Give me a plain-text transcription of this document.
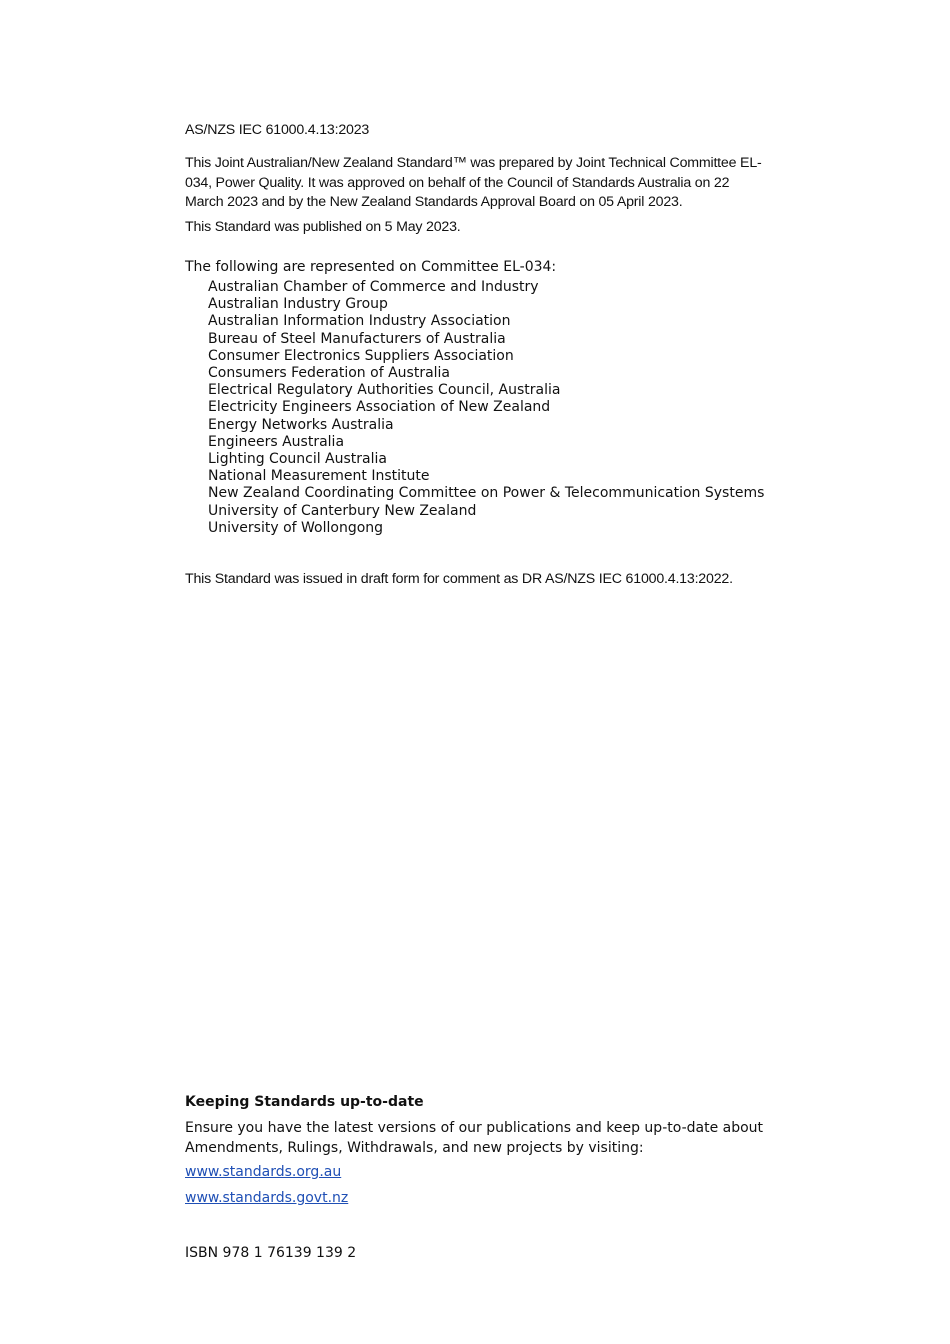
AS/NZS IEC 61000.4.13:2023

This Joint Australian/New Zealand Standard™ was prepared by Joint Technical Committee EL-034, Power Quality. It was approved on behalf of the Council of Standards Australia on 22 March 2023 and by the New Zealand Standards Approval Board on 05 April 2023.

This Standard was published on 5 May 2023.

The following are represented on Committee EL-034:

Australian Chamber of Commerce and Industry
Australian Industry Group
Australian Information Industry Association
Bureau of Steel Manufacturers of Australia
Consumer Electronics Suppliers Association
Consumers Federation of Australia
Electrical Regulatory Authorities Council, Australia
Electricity Engineers Association of New Zealand
Energy Networks Australia
Engineers Australia
Lighting Council Australia
National Measurement Institute
New Zealand Coordinating Committee on Power & Telecommunication Systems
University of Canterbury New Zealand
University of Wollongong

This Standard was issued in draft form for comment as DR AS/NZS IEC 61000.4.13:2022.

Keeping Standards up-to-date

Ensure you have the latest versions of our publications and keep up-to-date about Amendments, Rulings, Withdrawals, and new projects by visiting:

www.standards.org.au
www.standards.govt.nz

ISBN 978 1 76139 139 2
